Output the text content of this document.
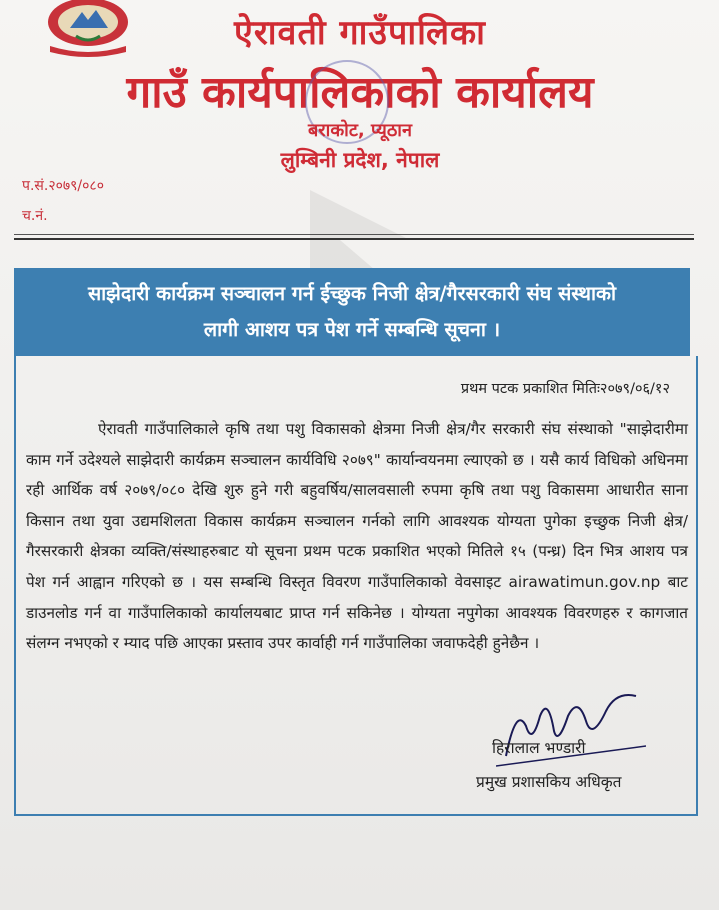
ऐरावती गाउँपालिका
गाउँ कार्यपालिकाको कार्यालय
बराकोट, प्यूठान
लुम्बिनी प्रदेश, नेपाल
प.सं.२०७९/०८०
च.नं.
साझेदारी कार्यक्रम सञ्चालन गर्न ईच्छुक निजी क्षेत्र/गैरसरकारी संघ संस्थाको
लागी आशय पत्र पेश गर्ने सम्बन्धि सूचना ।
प्रथम पटक प्रकाशित मितिः२०७९/०६/१२
ऐरावती गाउँपालिकाले कृषि तथा पशु विकासको क्षेत्रमा निजी क्षेत्र/गैर सरकारी संघ संस्थाको "साझेदारीमा काम गर्ने उदेश्यले साझेदारी कार्यक्रम सञ्चालन कार्यविधि २०७९" कार्यान्वयनमा ल्याएको छ । यसै कार्य विधिको अधिनमा रही आर्थिक वर्ष २०७९/०८० देखि शुरु हुने गरी बहुवर्षिय/सालवसाली रुपमा कृषि तथा पशु विकासमा आधारीत साना किसान तथा युवा उद्यमशिलता विकास कार्यक्रम सञ्चालन गर्नको लागि आवश्यक योग्यता पुगेका इच्छुक निजी क्षेत्र/गैरसरकारी क्षेत्रका व्यक्ति/संस्थाहरुबाट यो सूचना प्रथम पटक प्रकाशित भएको मितिले १५ (पन्ध्र) दिन भित्र आशय पत्र पेश गर्न आह्वान गरिएको छ । यस सम्बन्धि विस्तृत विवरण गाउँपालिकाको वेवसाइट airawatimun.gov.np बाट डाउनलोड गर्न वा गाउँपालिकाको कार्यालयबाट प्राप्त गर्न सकिनेछ । योग्यता नपुगेका आवश्यक विवरणहरु र कागजात संलग्न नभएको र म्याद पछि आएका प्रस्ताव उपर कार्वाही गर्न गाउँपालिका जवाफदेही हुनेछैन ।
हिरालाल भण्डारी
प्रमुख प्रशासकिय अधिकृत
